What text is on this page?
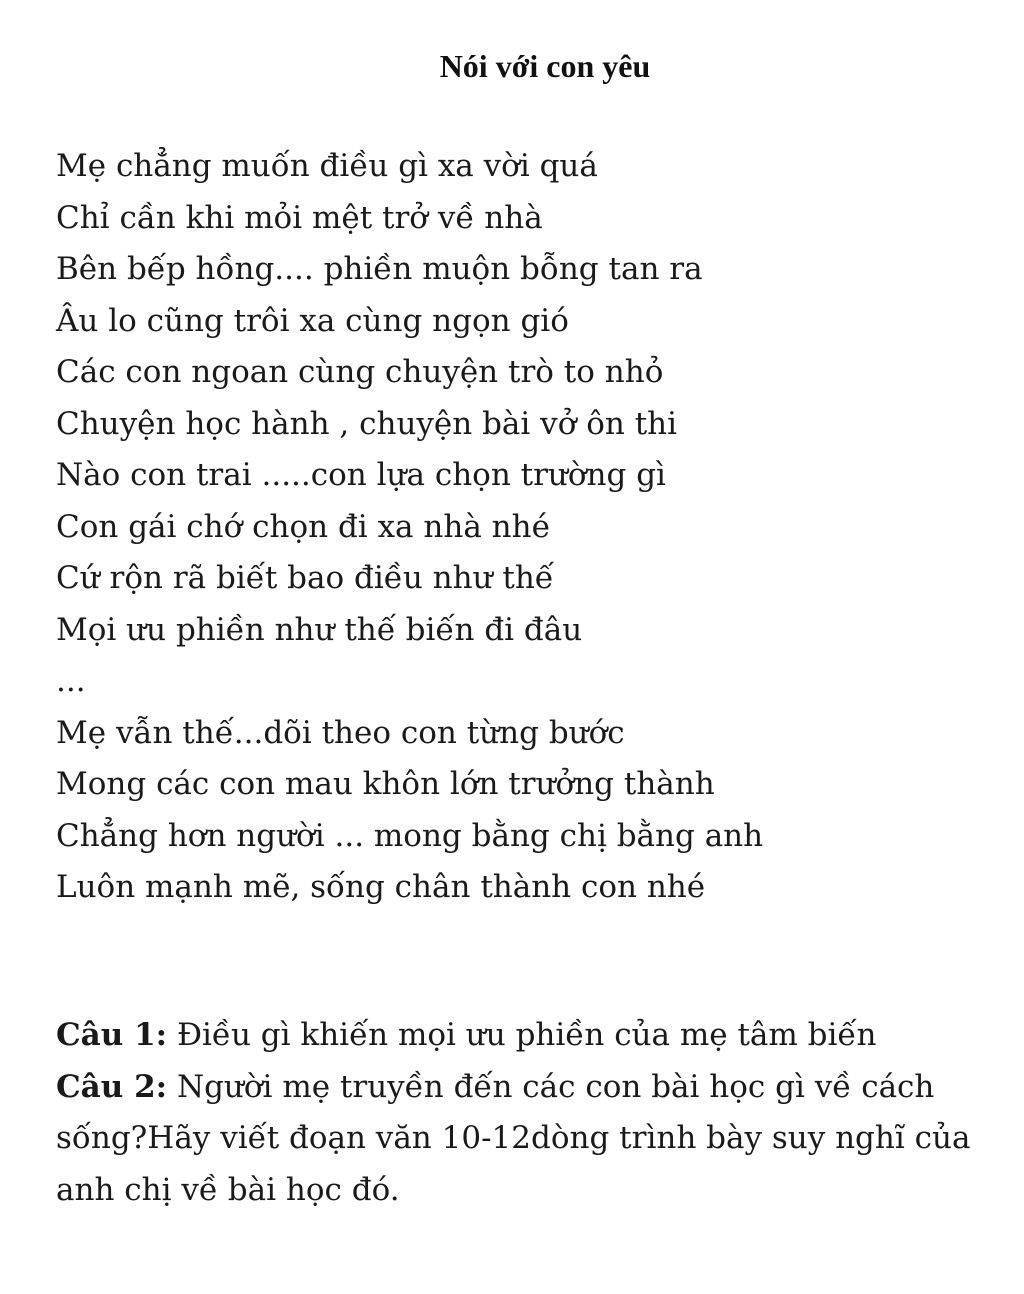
Nói với con yêu
Mẹ chẳng muốn điều gì xa vời quá
Chỉ cần khi mỏi mệt trở về nhà
Bên bếp hồng.... phiền muộn bỗng tan ra
Âu lo cũng trôi xa cùng ngọn gió
Các con ngoan cùng chuyện trò to nhỏ
Chuyện học hành , chuyện bài vở ôn thi
Nào con trai .....con lựa chọn trường gì
Con gái chớ chọn đi xa nhà nhé
Cứ rộn rã biết bao điều như thế
Mọi ưu phiền như thế biến đi đâu
...
Mẹ vẫn thế...dõi theo con từng bước
Mong các con mau khôn lớn trưởng thành
Chẳng hơn người ... mong bằng chị bằng anh
Luôn mạnh mẽ, sống chân thành con nhé
Câu 1: Điều gì khiến mọi ưu phiền của mẹ tâm biến
Câu 2: Người mẹ truyền đến các con bài học gì về cách sống?Hãy viết đoạn văn 10-12dòng trình bày suy nghĩ của anh chị về bài học đó.
